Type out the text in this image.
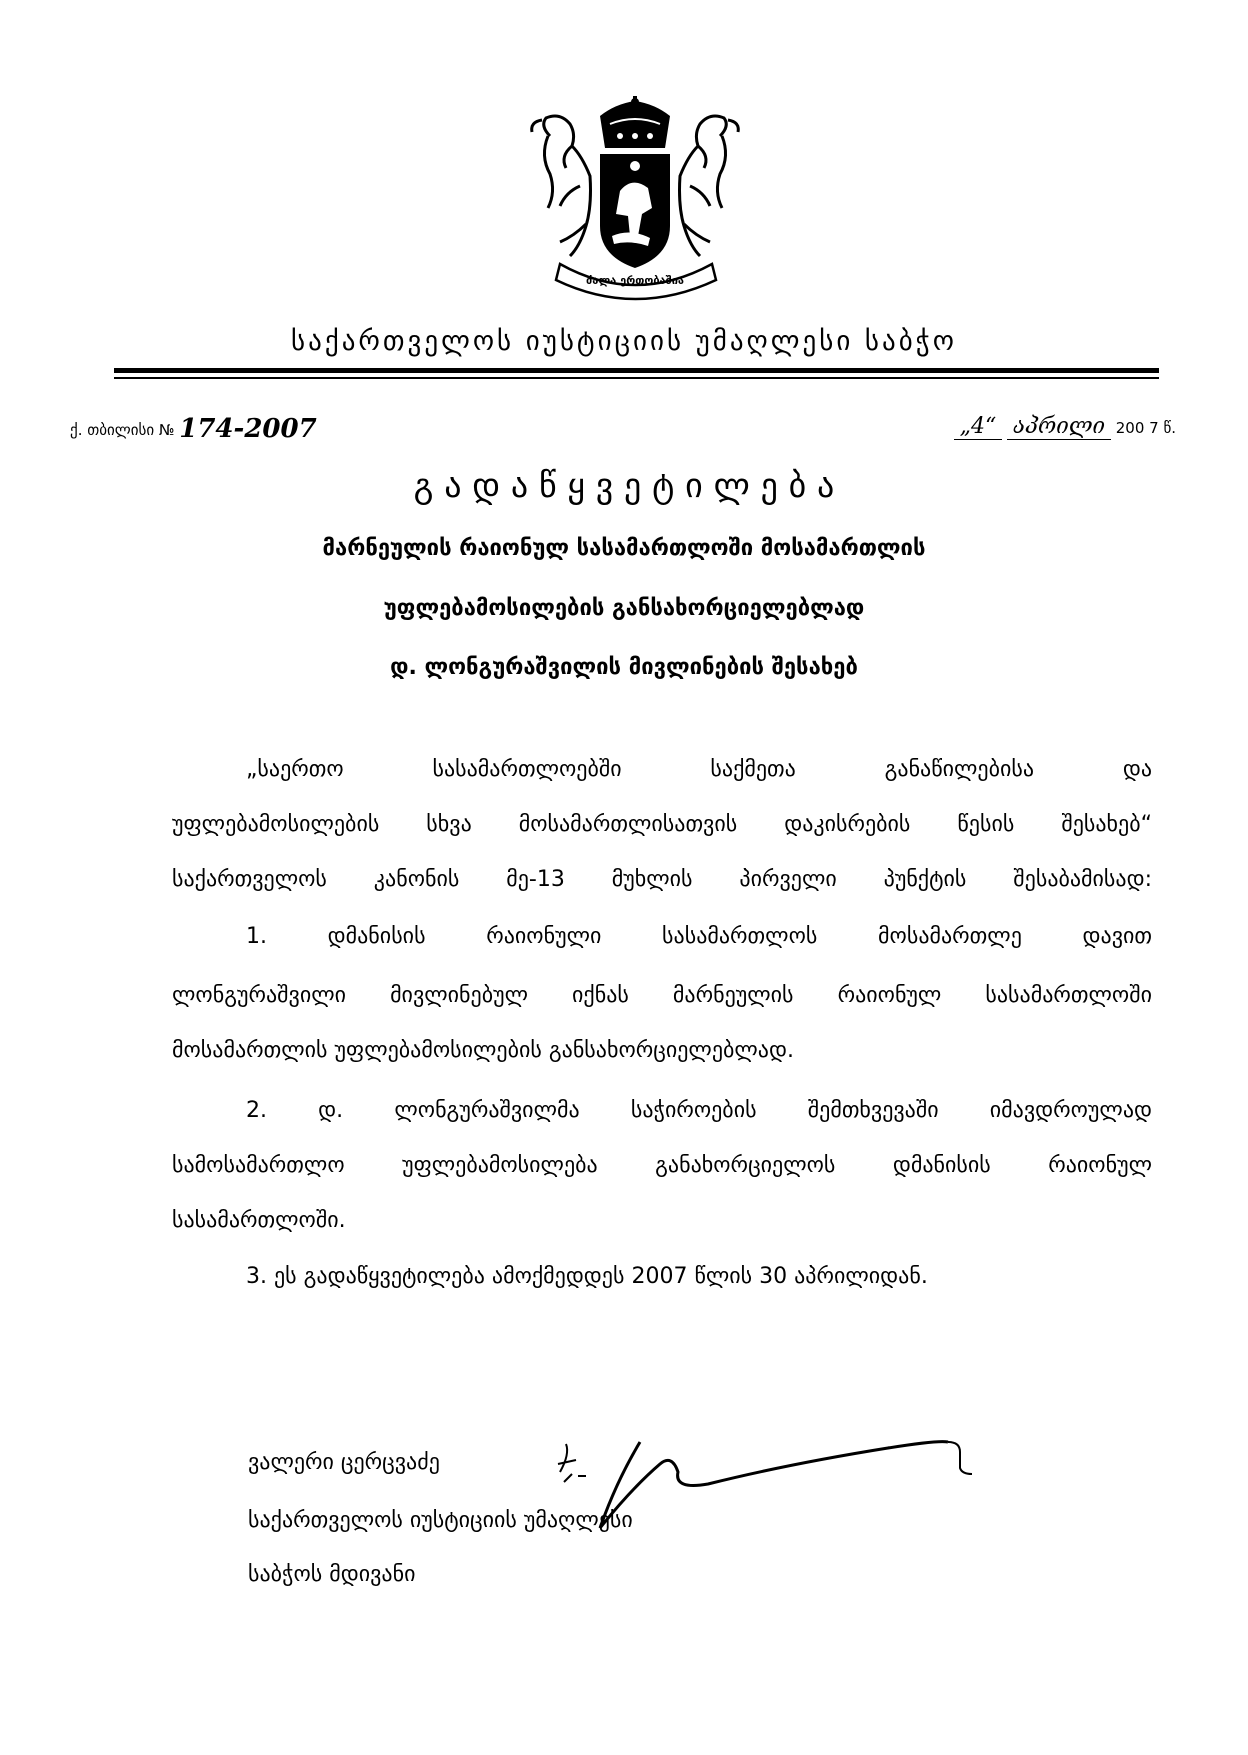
ძალა ერთობაშია
საქართველოს იუსტიციის უმაღლესი საბჭო
ქ. თბილისი № 174-2007	„4“ აპრილი 200 7 წ.
გ ა დ ა წ ყ ვ ე ტ ი ლ ე ბ ა
მარნეულის რაიონულ სასამართლოში მოსამართლის
უფლებამოსილების განსახორციელებლად
დ. ლონგურაშვილის მივლინების შესახებ
„საერთო სასამართლოებში საქმეთა განაწილებისა და
უფლებამოსილების სხვა მოსამართლისათვის დაკისრების წესის შესახებ“
საქართველოს კანონის მე-13 მუხლის პირველი პუნქტის შესაბამისად:
1. დმანისის რაიონული სასამართლოს მოსამართლე დავით
ლონგურაშვილი მივლინებულ იქნას მარნეულის რაიონულ სასამართლოში
მოსამართლის უფლებამოსილების განსახორციელებლად.
2. დ. ლონგურაშვილმა საჭიროების შემთხვევაში იმავდროულად
სამოსამართლო უფლებამოსილება განახორციელოს დმანისის რაიონულ
სასამართლოში.
3. ეს გადაწყვეტილება ამოქმედდეს 2007 წლის 30 აპრილიდან.
ვალერი ცერცვაძე
საქართველოს იუსტიციის უმაღლესი
საბჭოს მდივანი
